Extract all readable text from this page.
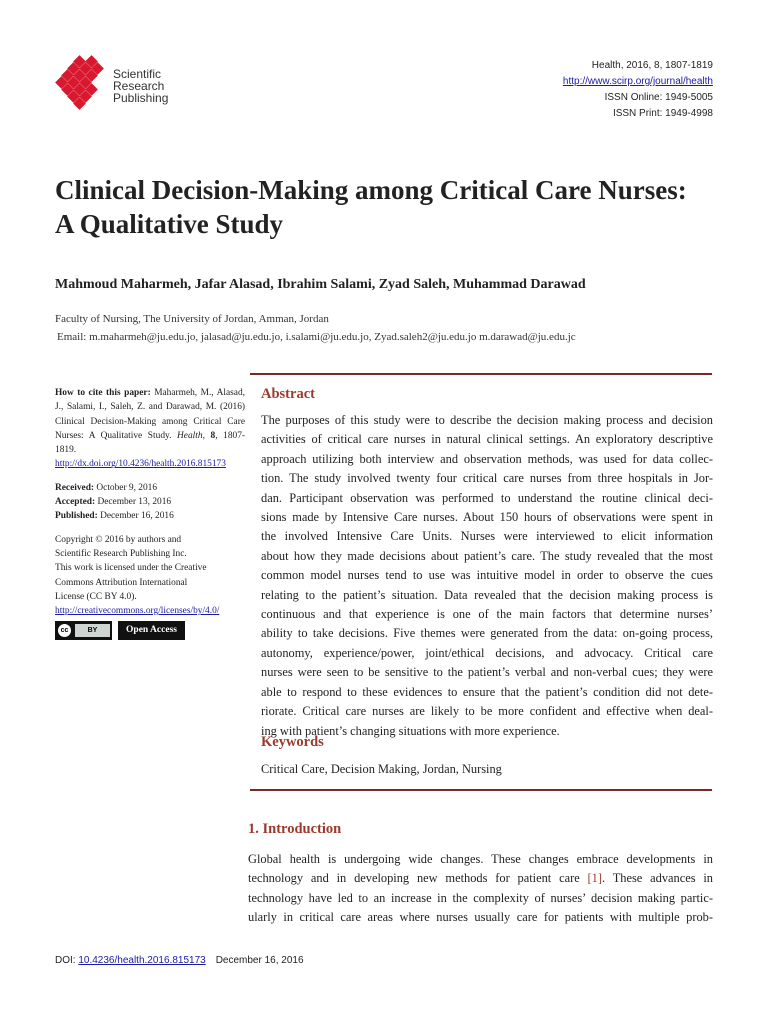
Scientific
Research
Publishing
Health, 2016, 8, 1807-1819
http://www.scirp.org/journal/health
ISSN Online: 1949-5005
ISSN Print: 1949-4998
Clinical Decision-Making among Critical Care Nurses: A Qualitative Study
Mahmoud Maharmeh, Jafar Alasad, Ibrahim Salami, Zyad Saleh, Muhammad Darawad
Faculty of Nursing, The University of Jordan, Amman, Jordan
Email: m.maharmeh@ju.edu.jo, jalasad@ju.edu.jo, i.salami@ju.edu.jo, Zyad.saleh2@ju.edu.jo m.darawad@ju.edu.jc
How to cite this paper: Maharmeh, M., Alasad, J., Salami, I., Saleh, Z. and Darawad, M. (2016) Clinical Decision-Making among Critical Care Nurses: A Qualitative Study. Health, 8, 1807-1819.
http://dx.doi.org/10.4236/health.2016.815173
Received: October 9, 2016
Accepted: December 13, 2016
Published: December 16, 2016
Copyright © 2016 by authors and
Scientific Research Publishing Inc.
This work is licensed under the Creative
Commons Attribution International
License (CC BY 4.0).
http://creativecommons.org/licenses/by/4.0/
cc	BY	Open Access
Abstract
The purposes of this study were to describe the decision making process and decision
activities of critical care nurses in natural clinical settings. An exploratory descriptive
approach utilizing both interview and observation methods, was used for data collec-
tion. The study involved twenty four critical care nurses from three hospitals in Jor-
dan. Participant observation was performed to understand the routine clinical deci-
sions made by Intensive Care nurses. About 150 hours of observations were spent in
the involved Intensive Care Units. Nurses were interviewed to elicit information
about how they made decisions about patient’s care. The study revealed that the most
common model nurses tend to use was intuitive model in order to observe the cues
relating to the patient’s situation. Data revealed that the decision making process is
continuous and that experience is one of the main factors that determine nurses’
ability to take decisions. Five themes were generated from the data: on-going process,
autonomy, experience/power, joint/ethical decisions, and advocacy. Critical care
nurses were seen to be sensitive to the patient’s verbal and non-verbal cues; they were
able to respond to these evidences to ensure that the patient’s condition did not dete-
riorate. Critical care nurses are likely to be more confident and effective when deal-
ing with patient’s changing situations with more experience.
Keywords
Critical Care, Decision Making, Jordan, Nursing
1. Introduction
Global health is undergoing wide changes. These changes embrace developments in
technology and in developing new methods for patient care [1]. These advances in
technology have led to an increase in the complexity of nurses’ decision making partic-
ularly in critical care areas where nurses usually care for patients with multiple prob-
DOI: 10.4236/health.2016.815173 December 16, 2016
